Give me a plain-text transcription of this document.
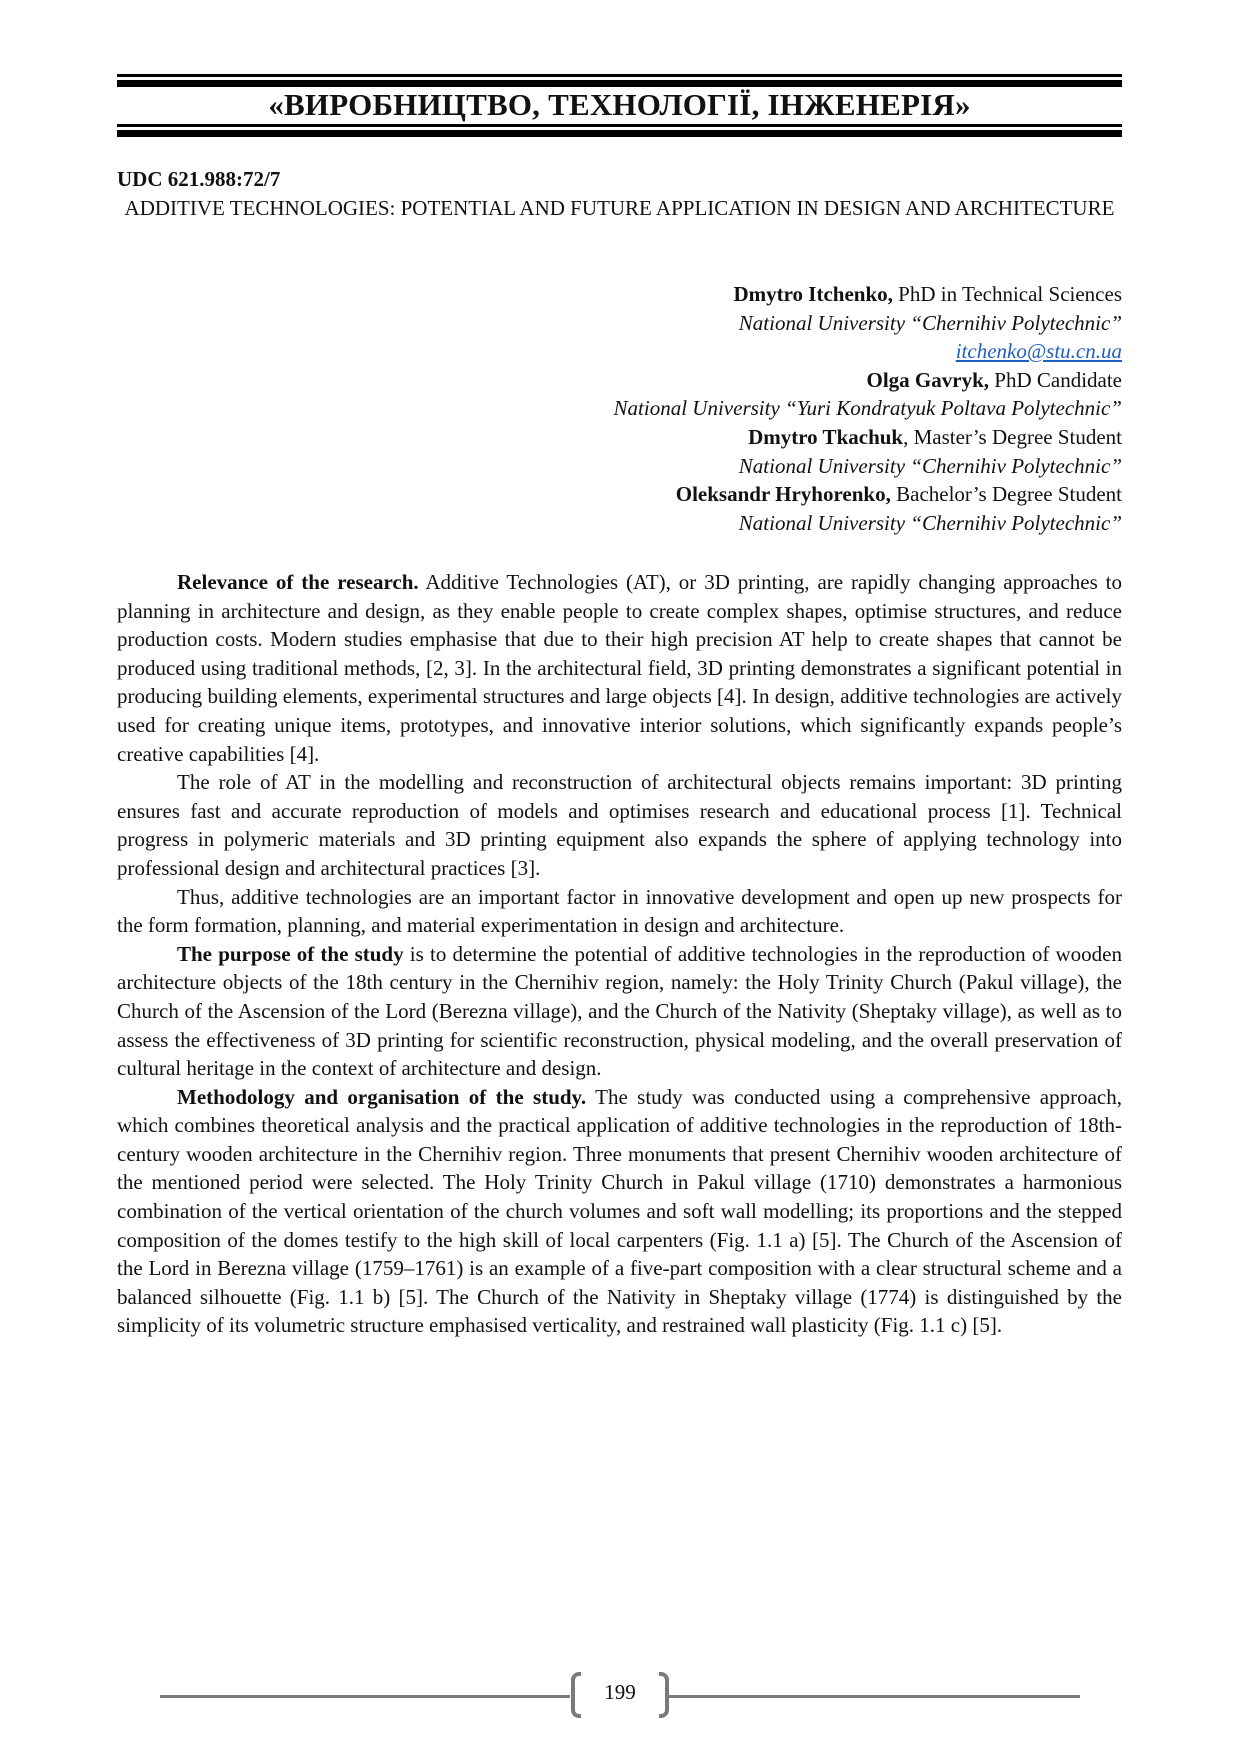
«ВИРОБНИЦТВО, ТЕХНОЛОГІЇ, ІНЖЕНЕРІЯ»
UDC 621.988:72/7
ADDITIVE TECHNOLOGIES: POTENTIAL AND FUTURE APPLICATION IN DESIGN AND ARCHITECTURE
Dmytro Itchenko, PhD in Technical Sciences
National University “Chernihiv Polytechnic”
itchenko@stu.cn.ua
Olga Gavryk, PhD Candidate
National University “Yuri Kondratyuk Poltava Polytechnic”
Dmytro Tkachuk, Master’s Degree Student
National University “Chernihiv Polytechnic”
Oleksandr Hryhorenko, Bachelor’s Degree Student
National University “Chernihiv Polytechnic”

Relevance of the research. Additive Technologies (AT), or 3D printing, are rapidly changing approaches to planning in architecture and design, as they enable people to create complex shapes, optimise structures, and reduce production costs. Modern studies emphasise that due to their high precision AT help to create shapes that cannot be produced using traditional methods, [2, 3]. In the architectural field, 3D printing demonstrates a significant potential in producing building elements, experimental structures and large objects [4]. In design, additive technologies are actively used for creating unique items, prototypes, and innovative interior solutions, which significantly expands people’s creative capabilities [4].

The role of AT in the modelling and reconstruction of architectural objects remains important: 3D printing ensures fast and accurate reproduction of models and optimises research and educational process [1]. Technical progress in polymeric materials and 3D printing equipment also expands the sphere of applying technology into professional design and architectural practices [3].

Thus, additive technologies are an important factor in innovative development and open up new prospects for the form formation, planning, and material experimentation in design and architecture.

The purpose of the study is to determine the potential of additive technologies in the reproduction of wooden architecture objects of the 18th century in the Chernihiv region, namely: the Holy Trinity Church (Pakul village), the Church of the Ascension of the Lord (Berezna village), and the Church of the Nativity (Sheptaky village), as well as to assess the effectiveness of 3D printing for scientific reconstruction, physical modeling, and the overall preservation of cultural heritage in the context of architecture and design.

Methodology and organisation of the study. The study was conducted using a comprehensive approach, which combines theoretical analysis and the practical application of additive technologies in the reproduction of 18th-century wooden architecture in the Chernihiv region. Three monuments that present Chernihiv wooden architecture of the mentioned period were selected. The Holy Trinity Church in Pakul village (1710) demonstrates a harmonious combination of the vertical orientation of the church volumes and soft wall modelling; its proportions and the stepped composition of the domes testify to the high skill of local carpenters (Fig. 1.1 a) [5]. The Church of the Ascension of the Lord in Berezna village (1759–1761) is an example of a five-part composition with a clear structural scheme and a balanced silhouette (Fig. 1.1 b) [5]. The Church of the Nativity in Sheptaky village (1774) is distinguished by the simplicity of its volumetric structure emphasised verticality, and restrained wall plasticity (Fig. 1.1 c) [5].

199
